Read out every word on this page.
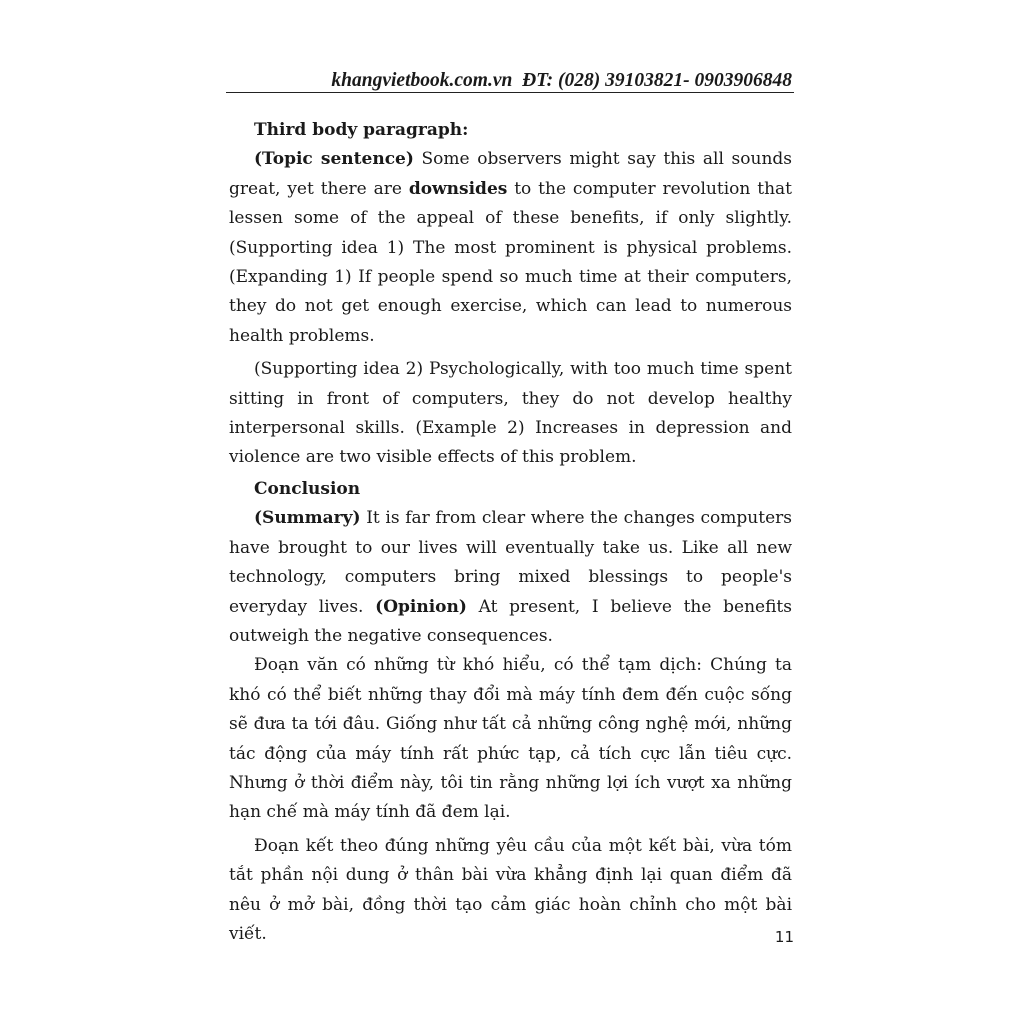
khangvietbook.com.vn ĐT: (028) 39103821- 0903906848

Third body paragraph:

(Topic sentence) Some observers might say this all sounds great, yet there are downsides to the computer revolution that lessen some of the appeal of these benefits, if only slightly. (Supporting idea 1) The most prominent is physical problems. (Expanding 1) If people spend so much time at their computers, they do not get enough exercise, which can lead to numerous health problems.

(Supporting idea 2) Psychologically, with too much time spent sitting in front of computers, they do not develop healthy interpersonal skills. (Example 2) Increases in depression and violence are two visible effects of this problem.

Conclusion

(Summary) It is far from clear where the changes computers have brought to our lives will eventually take us. Like all new technology, computers bring mixed blessings to people's everyday lives. (Opinion) At present, I believe the benefits outweigh the negative consequences.

Đoạn văn có những từ khó hiểu, có thể tạm dịch: Chúng ta khó có thể biết những thay đổi mà máy tính đem đến cuộc sống sẽ đưa ta tới đâu. Giống như tất cả những công nghệ mới, những tác động của máy tính rất phức tạp, cả tích cực lẫn tiêu cực. Nhưng ở thời điểm này, tôi tin rằng những lợi ích vượt xa những hạn chế mà máy tính đã đem lại.

Đoạn kết theo đúng những yêu cầu của một kết bài, vừa tóm tắt phần nội dung ở thân bài vừa khẳng định lại quan điểm đã nêu ở mở bài, đồng thời tạo cảm giác hoàn chỉnh cho một bài viết.	11
